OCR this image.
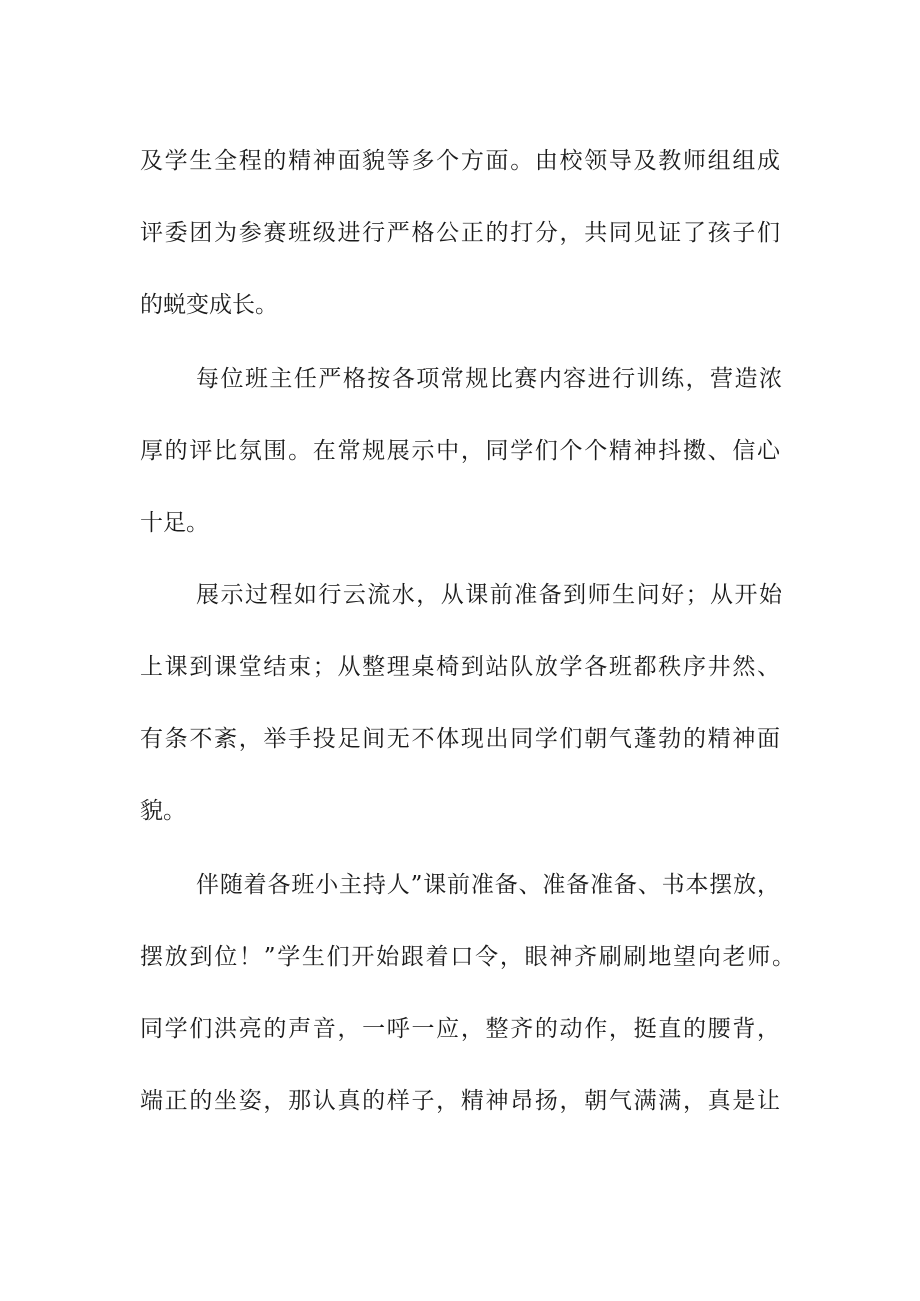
及学生全程的精神面貌等多个方面。由校领导及教师组组成

评委团为参赛班级进行严格公正的打分，共同见证了孩子们

的蜕变成长。

每位班主任严格按各项常规比赛内容进行训练，营造浓

厚的评比氛围。在常规展示中，同学们个个精神抖擞、信心

十足。

展示过程如行云流水，从课前准备到师生问好；从开始

上课到课堂结束；从整理桌椅到站队放学各班都秩序井然、

有条不紊，举手投足间无不体现出同学们朝气蓬勃的精神面

貌。

伴随着各班小主持人”课前准备、准备准备、书本摆放，

摆放到位！”学生们开始跟着口令，眼神齐刷刷地望向老师。

同学们洪亮的声音，一呼一应，整齐的动作，挺直的腰背，

端正的坐姿，那认真的样子，精神昂扬，朝气满满，真是让
